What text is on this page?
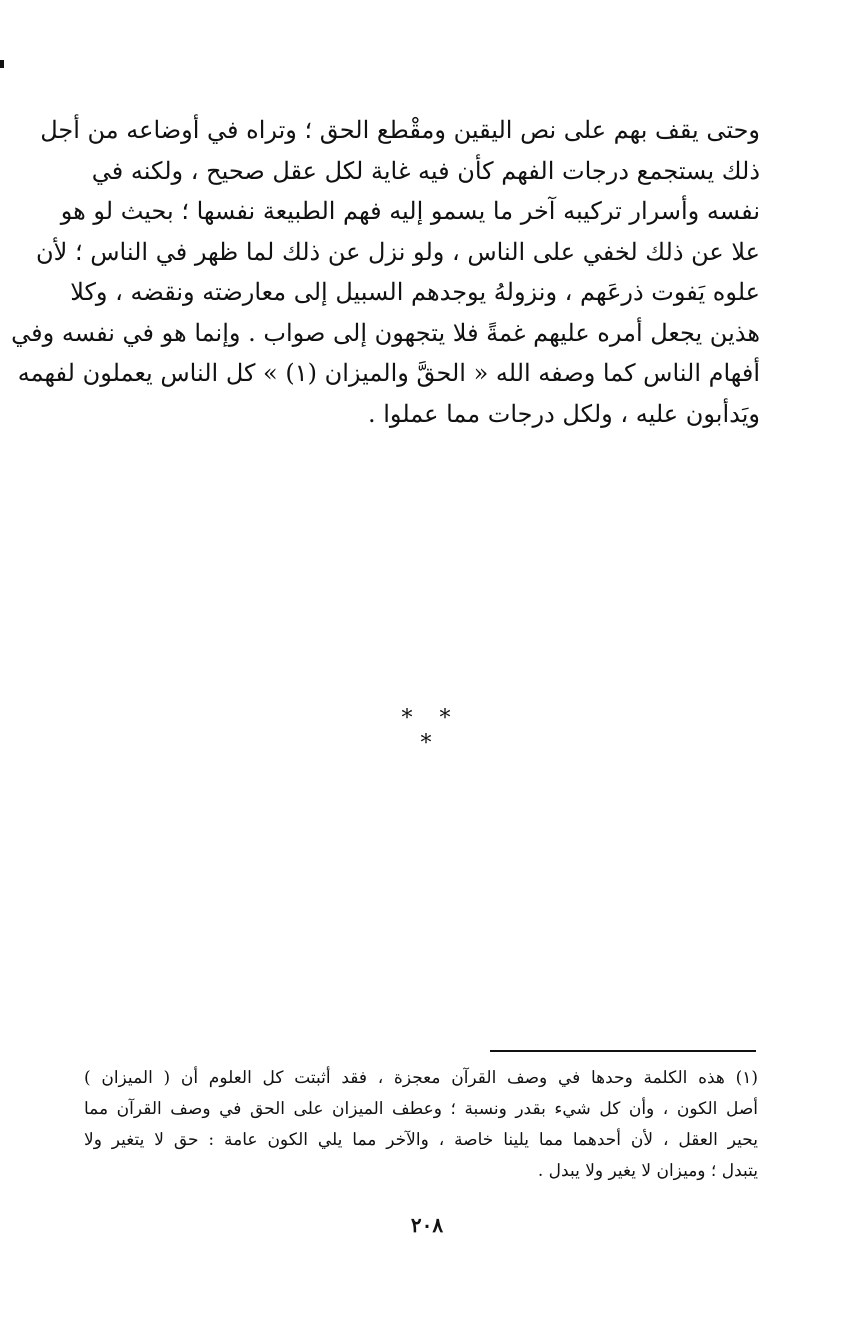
وحتى يقف بهم على نص اليقين ومقْطع الحق ؛ وتراه في أوضاعه من أجل
ذلك يستجمع درجات الفهم كأن فيه غاية لكل عقل صحيح ، ولكنه في
نفسه وأسرار تركيبه آخر ما يسمو إليه فهم الطبيعة نفسها ؛ بحيث لو هو
علا عن ذلك لخفي على الناس ، ولو نزل عن ذلك لما ظهر في الناس ؛ لأن
علوه يَفوت ذرعَهم ، ونزولهُ يوجدهم السبيل إلى معارضته ونقضه ، وكلا
هذين يجعل أمره عليهم غمةً فلا يتجهون إلى صواب . وإنما هو في نفسه وفي
أفهام الناس كما وصفه الله « الحقَّ والميزان (١) » كل الناس يعملون لفهمه
ويَدأبون عليه ، ولكل درجات مما عملوا .
* * *
(١) هذه الكلمة وحدها في وصف القرآن معجزة ، فقد أثبتت كل العلوم أن ( الميزان )
أصل الكون ، وأن كل شيء بقدر ونسبة ؛ وعطف الميزان على الحق في وصف القرآن مما
يحير العقل ، لأن أحدهما مما يلينا خاصة ، والآخر مما يلي الكون عامة : حق لا يتغير ولا
يتبدل ؛ وميزان لا يغير ولا يبدل .
٢٠٨
